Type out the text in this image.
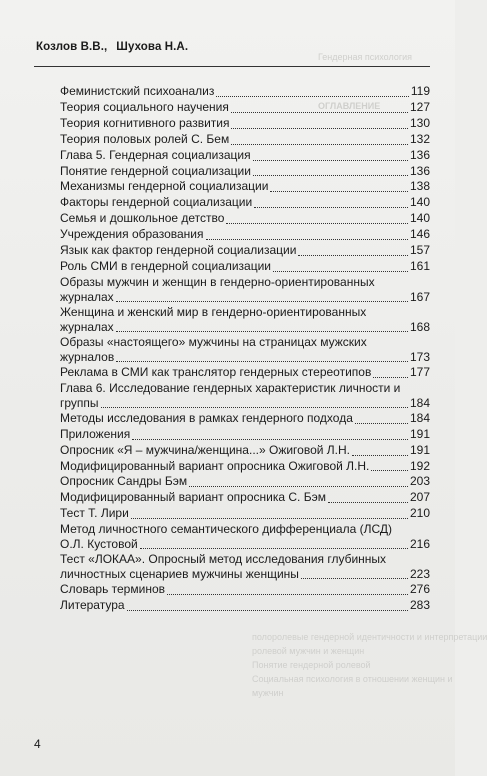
Гендерная психология
ОГЛАВЛЕНИЕ
полоролевые гендерной идентичности и интерпретации
ролевой мужчин и женщин
Понятие гендерной ролевой
Социальная психология в отношении женщин и
мужчин
Козлов В.В., Шухова Н.А.
Феминистский психоанализ	119
Теория социального научения	127
Теория когнитивного развития	130
Теория половых ролей С. Бем	132
Глава 5. Гендерная социализация	136
Понятие гендерной социализации	136
Механизмы гендерной социализации	138
Факторы гендерной социализации	140
Семья и дошкольное детство	140
Учреждения образования	146
Язык как фактор гендерной социализации	157
Роль СМИ в гендерной социализации	161
Образы мужчин и женщин в гендерно-ориентированных
журналах	167
Женщина и женский мир в гендерно-ориентированных
журналах	168
Образы «настоящего» мужчины на страницах мужских
журналов	173
Реклама в СМИ как транслятор гендерных стереотипов	177
Глава 6. Исследование гендерных характеристик личности и
группы	184
Методы исследования в рамках гендерного подхода	184
Приложения	191
Опросник «Я – мужчина/женщина...» Ожиговой Л.Н.	191
Модифицированный вариант опросника Ожиговой Л.Н.	192
Опросник Сандры Бэм	203
Модифицированный вариант опросника С. Бэм	207
Тест Т. Лири	210
Метод личностного семантического дифференциала (ЛСД)
О.Л. Кустовой	216
Тест «ЛОКАА». Опросный метод исследования глубинных
личностных сценариев мужчины женщины	223
Словарь терминов	276
Литература	283
4
